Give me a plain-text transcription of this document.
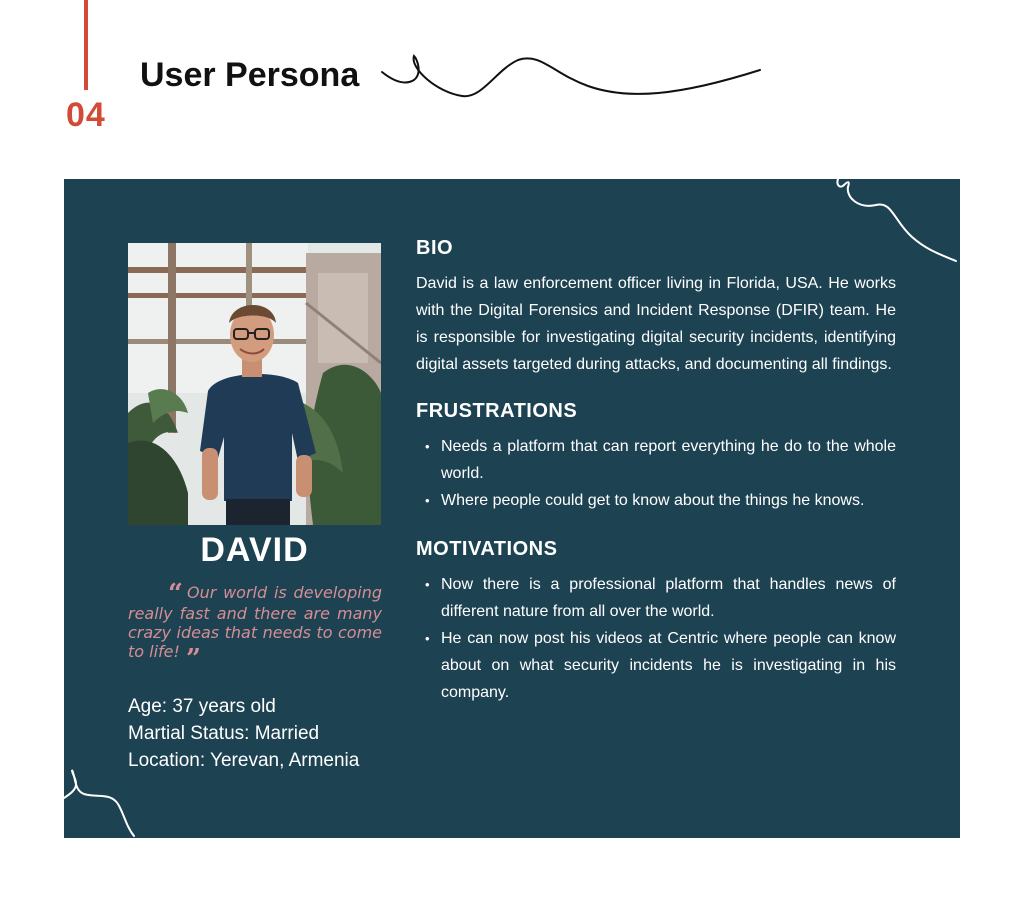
User Persona
04
DAVID
“ Our world is developing really fast and there are many crazy ideas that needs to come to life! ”
Age: 37 years old
Martial Status: Married
Location: Yerevan, Armenia
BIO

David is a law enforcement officer living in Florida, USA. He works with the Digital Forensics and Incident Response (DFIR) team. He is responsible for investigating digital security incidents, identifying digital assets targeted during attacks, and documenting all findings.

FRUSTRATIONS
• Needs a platform that can report everything he do to the whole world.
• Where people could get to know about the things he knows.
MOTIVATIONS
• Now there is a professional platform that handles news of different nature from all over the world.
• He can now post his videos at Centric where people can know about on what security incidents he is investigating in his company.
